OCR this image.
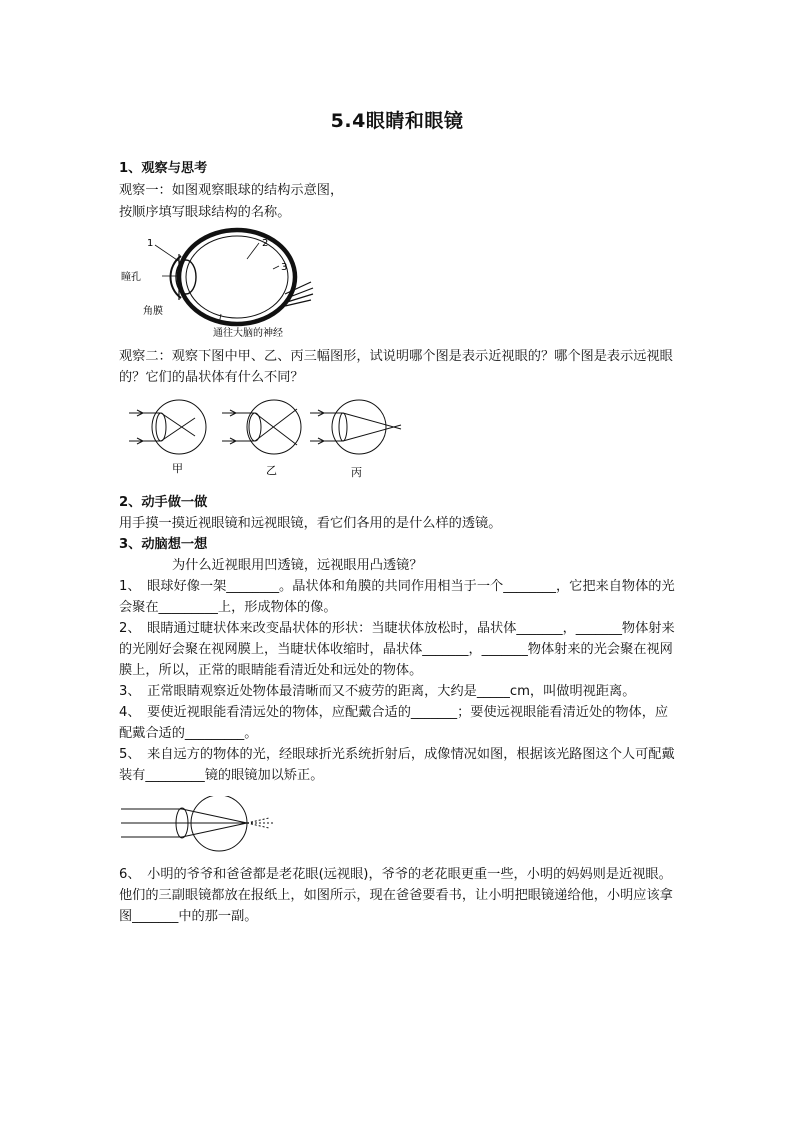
5.4眼睛和眼镜
1、观察与思考
观察一：如图观察眼球的结构示意图，
按顺序填写眼球结构的名称。
1	2
3
瞳孔
角膜
通往大脑的神经
观察二：观察下图中甲、乙、丙三幅图形，试说明哪个图是表示近视眼的？哪个图是表示远视眼的？它们的晶状体有什么不同？
甲	乙	丙
2、动手做一做
用手摸一摸近视眼镜和远视眼镜，看它们各用的是什么样的透镜。
3、动脑想一想
为什么近视眼用凹透镜，远视眼用凸透镜？
1、　眼球好像一架________。晶状体和角膜的共同作用相当于一个________，它把来自物体的光会聚在_________上，形成物体的像。
2、　眼睛通过睫状体来改变晶状体的形状：当睫状体放松时，晶状体_______，_______物体射来的光刚好会聚在视网膜上，当睫状体收缩时，晶状体_______，_______物体射来的光会聚在视网膜上，所以，正常的眼睛能看清近处和远处的物体。
3、　正常眼睛观察近处物体最清晰而又不疲劳的距离，大约是_____cm，叫做明视距离。
4、　要使近视眼能看清远处的物体，应配戴合适的_______；要使远视眼能看清近处的物体，应配戴合适的_________。
5、　来自远方的物体的光，经眼球折光系统折射后，成像情况如图，根据该光路图这个人可配戴装有_________镜的眼镜加以矫正。
6、　小明的爷爷和爸爸都是老花眼(远视眼)，爷爷的老花眼更重一些，小明的妈妈则是近视眼。他们的三副眼镜都放在报纸上，如图所示，现在爸爸要看书，让小明把眼镜递给他，小明应该拿图_______中的那一副。
